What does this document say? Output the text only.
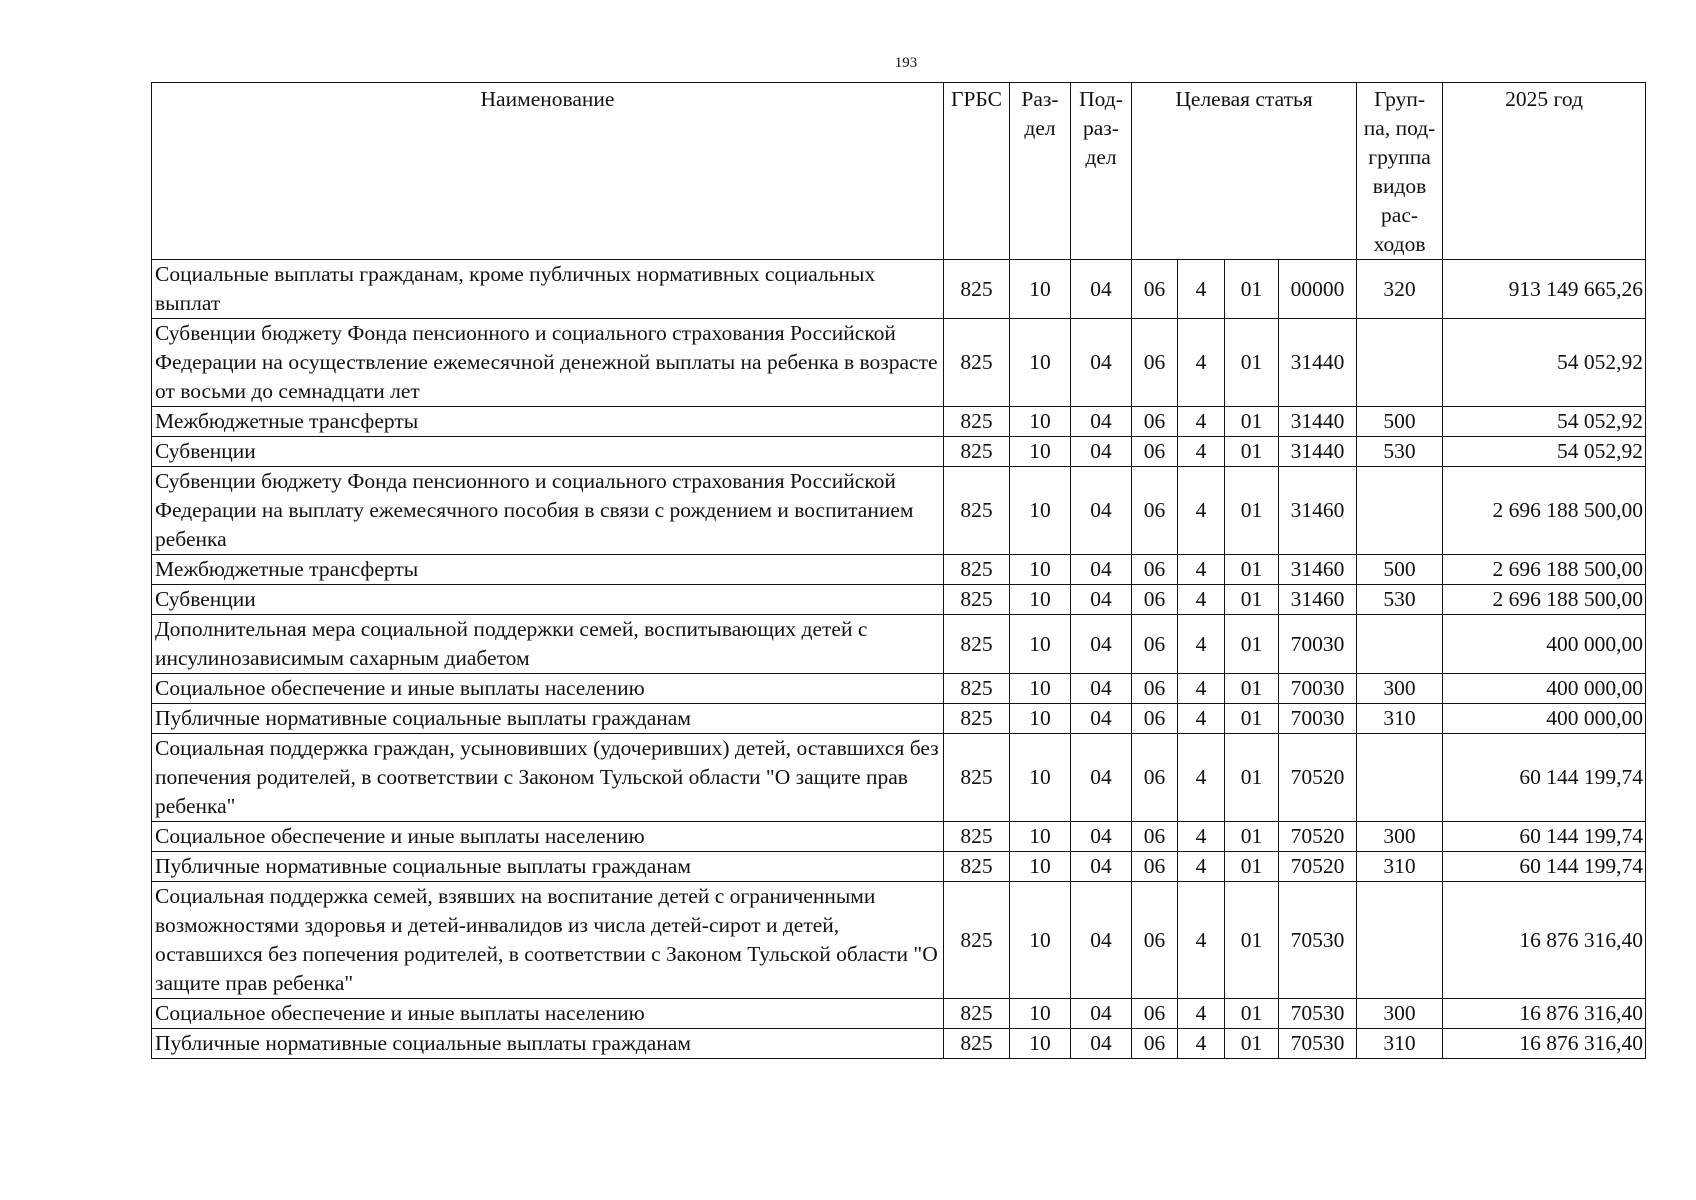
193
Наименование	ГРБС	Раз- дел	Под- раз- дел	Целевая статья				Груп- па, под- группа видов рас- ходов	2025 год
Социальные выплаты гражданам, кроме публичных нормативных социальных выплат	825	10	04	06	4	01	00000	320	913 149 665,26
Субвенции бюджету Фонда пенсионного и социального страхования Российской Федерации на осуществление ежемесячной денежной выплаты на ребенка в возрасте от восьми до семнадцати лет	825	10	04	06	4	01	31440		54 052,92
Межбюджетные трансферты	825	10	04	06	4	01	31440	500	54 052,92
Субвенции	825	10	04	06	4	01	31440	530	54 052,92
Субвенции бюджету Фонда пенсионного и социального страхования Российской Федерации на выплату ежемесячного пособия в связи с рождением и воспитанием ребенка	825	10	04	06	4	01	31460		2 696 188 500,00
Межбюджетные трансферты	825	10	04	06	4	01	31460	500	2 696 188 500,00
Субвенции	825	10	04	06	4	01	31460	530	2 696 188 500,00
Дополнительная мера социальной поддержки семей, воспитывающих детей с инсулинозависимым сахарным диабетом	825	10	04	06	4	01	70030		400 000,00
Социальное обеспечение и иные выплаты населению	825	10	04	06	4	01	70030	300	400 000,00
Публичные нормативные социальные выплаты гражданам	825	10	04	06	4	01	70030	310	400 000,00
Социальная поддержка граждан, усыновивших (удочеривших) детей, оставшихся без попечения родителей, в соответствии с Законом Тульской области "О защите прав ребенка"	825	10	04	06	4	01	70520		60 144 199,74
Социальное обеспечение и иные выплаты населению	825	10	04	06	4	01	70520	300	60 144 199,74
Публичные нормативные социальные выплаты гражданам	825	10	04	06	4	01	70520	310	60 144 199,74
Социальная поддержка семей, взявших на воспитание детей с ограниченными возможностями здоровья и детей-инвалидов из числа детей-сирот и детей, оставшихся без попечения родителей, в соответствии с Законом Тульской области "О защите прав ребенка"	825	10	04	06	4	01	70530		16 876 316,40
Социальное обеспечение и иные выплаты населению	825	10	04	06	4	01	70530	300	16 876 316,40
Публичные нормативные социальные выплаты гражданам	825	10	04	06	4	01	70530	310	16 876 316,40
